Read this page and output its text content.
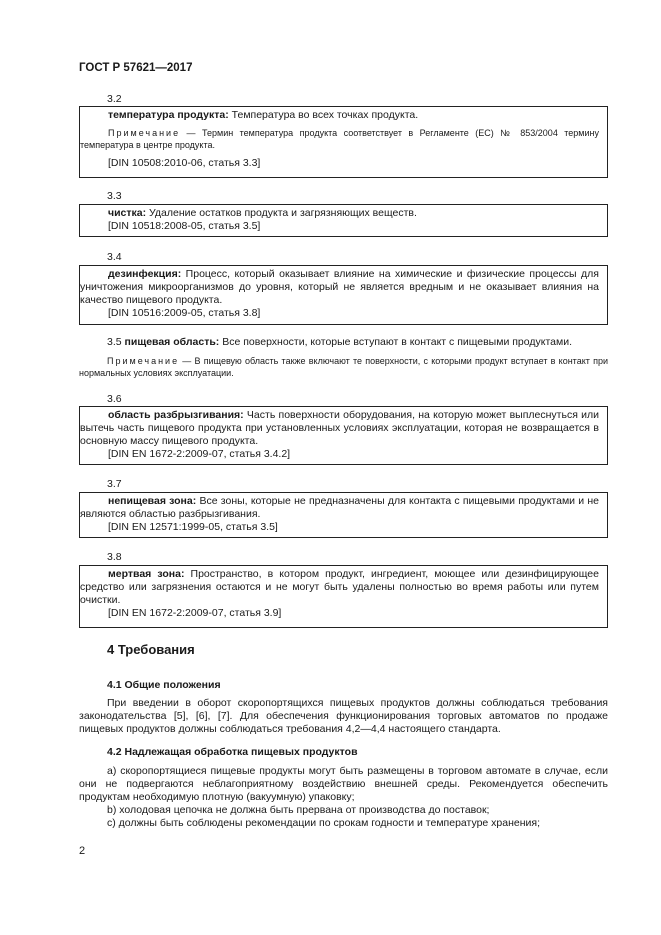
ГОСТ Р 57621—2017
3.2

температура продукта: Температура во всех точках продукта.

Примечание — Термин температура продукта соответствует в Регламенте (ЕС) № 853/2004 термину температура в центре продукта.

[DIN 10508:2010-06, статья 3.3]

3.3

чистка: Удаление остатков продукта и загрязняющих веществ.

[DIN 10518:2008-05, статья 3.5]

3.4

дезинфекция: Процесс, который оказывает влияние на химические и физические процессы для уничтожения микроорганизмов до уровня, который не является вредным и не оказывает влияния на качество пищевого продукта.

[DIN 10516:2009-05, статья 3.8]

3.5 пищевая область: Все поверхности, которые вступают в контакт с пищевыми продуктами.

Примечание — В пищевую область также включают те поверхности, с которыми продукт вступает в контакт при нормальных условиях эксплуатации.

3.6

область разбрызгивания: Часть поверхности оборудования, на которую может выплеснуться или вытечь часть пищевого продукта при установленных условиях эксплуатации, которая не возвращается в основную массу пищевого продукта.

[DIN EN 1672-2:2009-07, статья 3.4.2]

3.7

непищевая зона: Все зоны, которые не предназначены для контакта с пищевыми продуктами и не являются областью разбрызгивания.

[DIN EN 12571:1999-05, статья 3.5]

3.8

мертвая зона: Пространство, в котором продукт, ингредиент, моющее или дезинфицирующее средство или загрязнения остаются и не могут быть удалены полностью во время работы или путем очистки.

[DIN EN 1672-2:2009-07, статья 3.9]

4 Требования
4.1 Общие положения

При введении в оборот скоропортящихся пищевых продуктов должны соблюдаться требования законодательства [5], [6], [7]. Для обеспечения функционирования торговых автоматов по продаже пищевых продуктов должны соблюдаться требования 4,2—4,4 настоящего стандарта.

4.2 Надлежащая обработка пищевых продуктов

а) скоропортящиеся пищевые продукты могут быть размещены в торговом автомате в случае, если они не подвергаются неблагоприятному воздействию внешней среды. Рекомендуется обеспечить продуктам необходимую плотную (вакуумную) упаковку;

b) холодовая цепочка не должна быть прервана от производства до поставок;

с) должны быть соблюдены рекомендации по срокам годности и температуре хранения;

2
